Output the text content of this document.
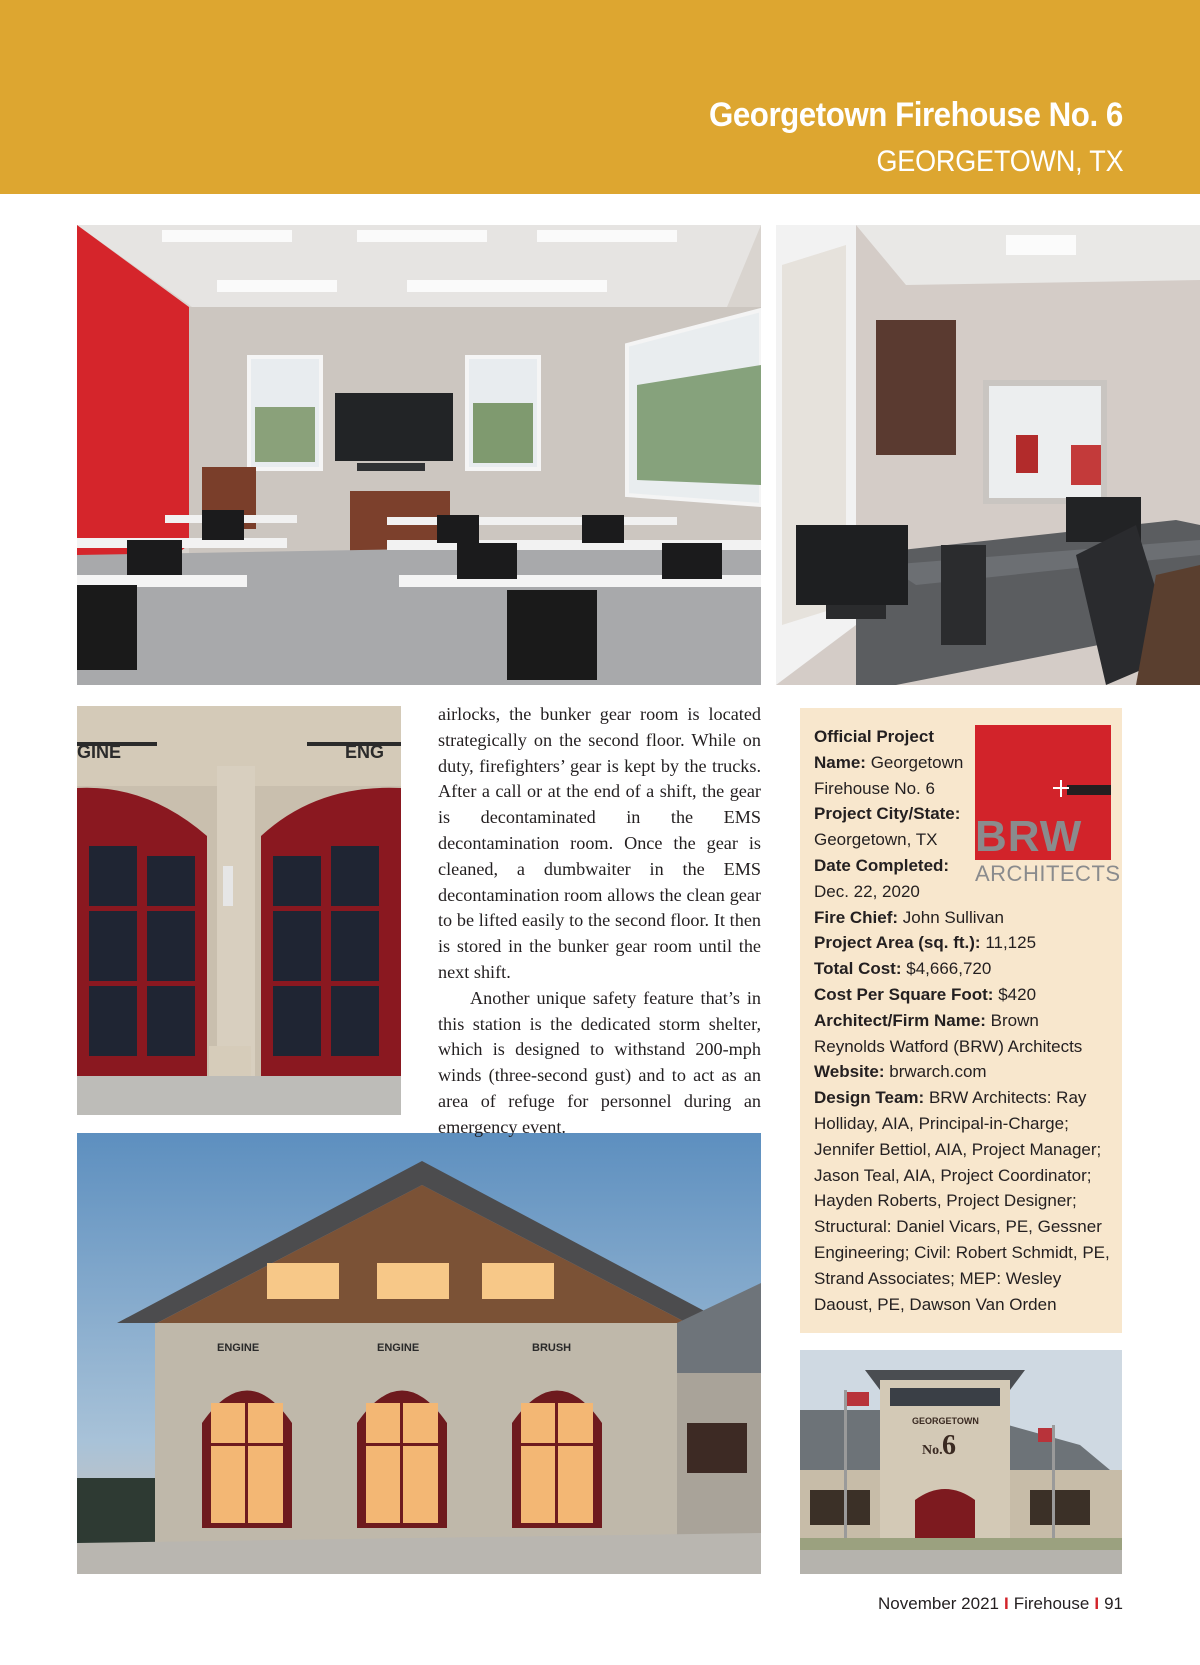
Georgetown Firehouse No. 6
GEORGETOWN, TX
GINE	ENG
ENGINE	ENGINE	BRUSH

airlocks, the bunker gear room is located strategically on the second floor. While on duty, firefighters’ gear is kept by the trucks. After a call or at the end of a shift, the gear is decontaminated in the EMS decontamination room. Once the gear is cleaned, a dumbwaiter in the EMS decontamination room allows the clean gear to be lifted easily to the second floor. It then is stored in the bunker gear room until the next shift.

Another unique safety feature that’s in this station is the dedicated storm shelter, which is designed to withstand 200-mph winds (three-second gust) and to act as an area of refuge for personnel during an emergency event.

BRW
ARCHITECTS
Official Project Name: Georgetown Firehouse No. 6
Project City/State: Georgetown, TX
Date Completed: Dec. 22, 2020
Fire Chief: John Sullivan
Project Area (sq. ft.): 11,125
Total Cost: $4,666,720
Cost Per Square Foot: $420
Architect/Firm Name: Brown Reynolds Watford (BRW) Architects
Website: brwarch.com
Design Team: BRW Architects: Ray Holliday, AIA, Principal-in-Charge; Jennifer Bettiol, AIA, Project Manager; Jason Teal, AIA, Project Coordinator; Hayden Roberts, Project Designer; Structural: Daniel Vicars, PE, Gessner Engineering; Civil: Robert Schmidt, PE, Strand Associates; MEP: Wesley Daoust, PE, Dawson Van Orden
GEORGETOWN
No. 6
November 2021 I Firehouse I 91
